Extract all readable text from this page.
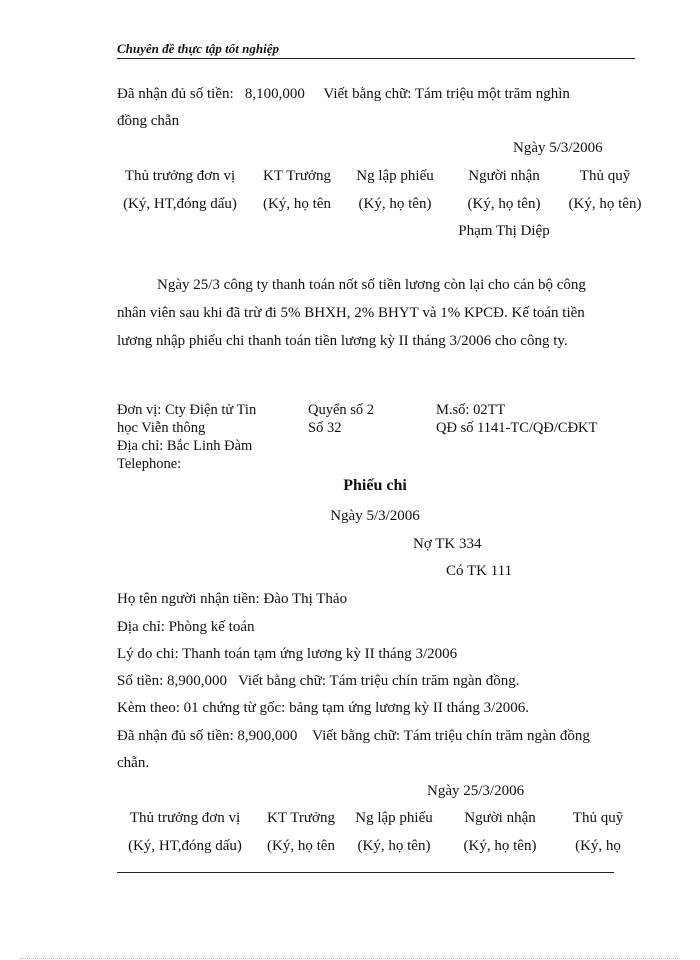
Chuyên đề thực tập tốt nghiệp
Đã nhận đủ số tiền: 8,100,000 Viết bằng chữ: Tám triệu một trăm nghìn
đồng chẵn
Ngày 5/3/2006
Thủ trưởng đơn vị KT Trưởng Ng lập phiếu Người nhận	Thủ quỹ
(Ký, HT,đóng dấu) (Ký, họ tên (Ký, họ tên) (Ký, họ tên) (Ký, họ tên)
Phạm Thị Diệp
Ngày 25/3 công ty thanh toán nốt số tiền lương còn lại cho cán bộ công
nhân viên sau khi đã trừ đi 5% BHXH, 2% BHYT và 1% KPCĐ. Kế toán tiền
lương nhập phiếu chi thanh toán tiền lương kỳ II tháng 3/2006 cho công ty.
Đơn vị: Cty Điện tử Tin
học Viễn thông
Địa chỉ: Bắc Linh Đàm
Telephone:
Quyển số 2
Số 32
M.số: 02TT
QĐ số 1141-TC/QĐ/CĐKT
Phiếu chi
Ngày 5/3/2006
Nợ TK 334
Có TK 111
Họ tên người nhận tiền: Đào Thị Thảo
Địa chỉ: Phòng kế toán
Lý do chi: Thanh toán tạm ứng lương kỳ II tháng 3/2006
Số tiền: 8,900,000 Viết bằng chữ: Tám triệu chín trăm ngàn đồng.
Kèm theo: 01 chứng từ gốc: bảng tạm ứng lương kỳ II tháng 3/2006.
Đã nhận đủ số tiền: 8,900,000 Viết bằng chữ: Tám triệu chín trăm ngàn đồng
chẵn.
Ngày 25/3/2006
Thủ trưởng đơn vị KT Trưởng Ng lập phiếu Người nhận Thủ quỹ
(Ký, HT,đóng dấu) (Ký, họ tên (Ký, họ tên) (Ký, họ tên)	(Ký, họ
